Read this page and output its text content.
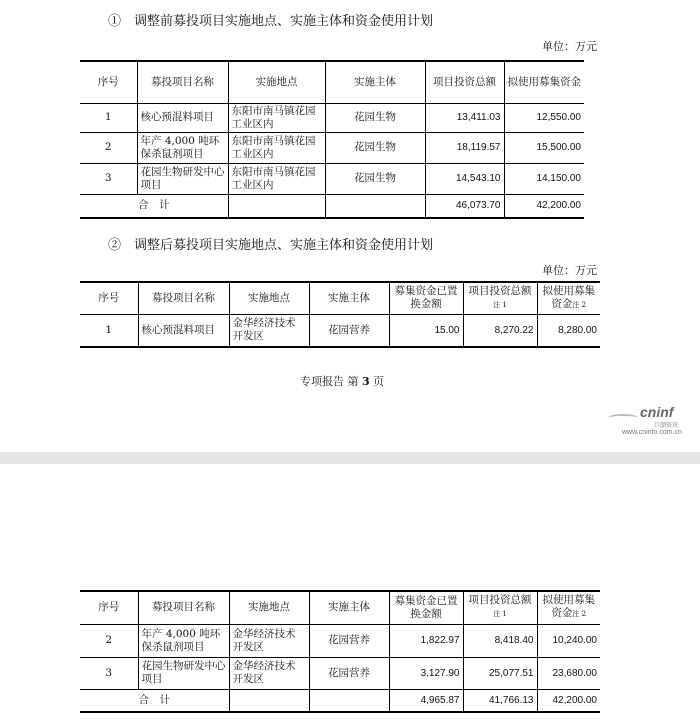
①　调整前募投项目实施地点、实施主体和资金使用计划
单位：万元
序号	募投项目名称	实施地点	实施主体	项目投资总额	拟使用募集资金
1	核心预混料项目	东阳市南马镇花园工业区内	花园生物	13,411.03	12,550.00
2	年产 4,000 吨环保杀鼠剂项目	东阳市南马镇花园工业区内	花园生物	18,119.57	15,500.00
3	花园生物研发中心项目	东阳市南马镇花园工业区内	花园生物	14,543.10	14,150.00
合　计				46,073.70	42,200.00
②　调整后募投项目实施地点、实施主体和资金使用计划
单位：万元
序号	募投项目名称	实施地点	实施主体	募集资金已置换金额	项目投资总额注 1	拟使用募集资金注 2
1	核心预混料项目	金华经济技术开发区	花园营养	15.00	8,270.22	8,280.00
专项报告 第 3 页
cninf
巨潮资讯
www.cninfo.com.cn
序号	募投项目名称	实施地点	实施主体	募集资金已置换金额	项目投资总额注 1	拟使用募集资金注 2
2	年产 4,000 吨环保杀鼠剂项目	金华经济技术开发区	花园营养	1,822.97	8,418.40	10,240.00
3	花园生物研发中心项目	金华经济技术开发区	花园营养	3,127.90	25,077.51	23,680.00
合　计				4,965.87	41,766.13	42,200.00
